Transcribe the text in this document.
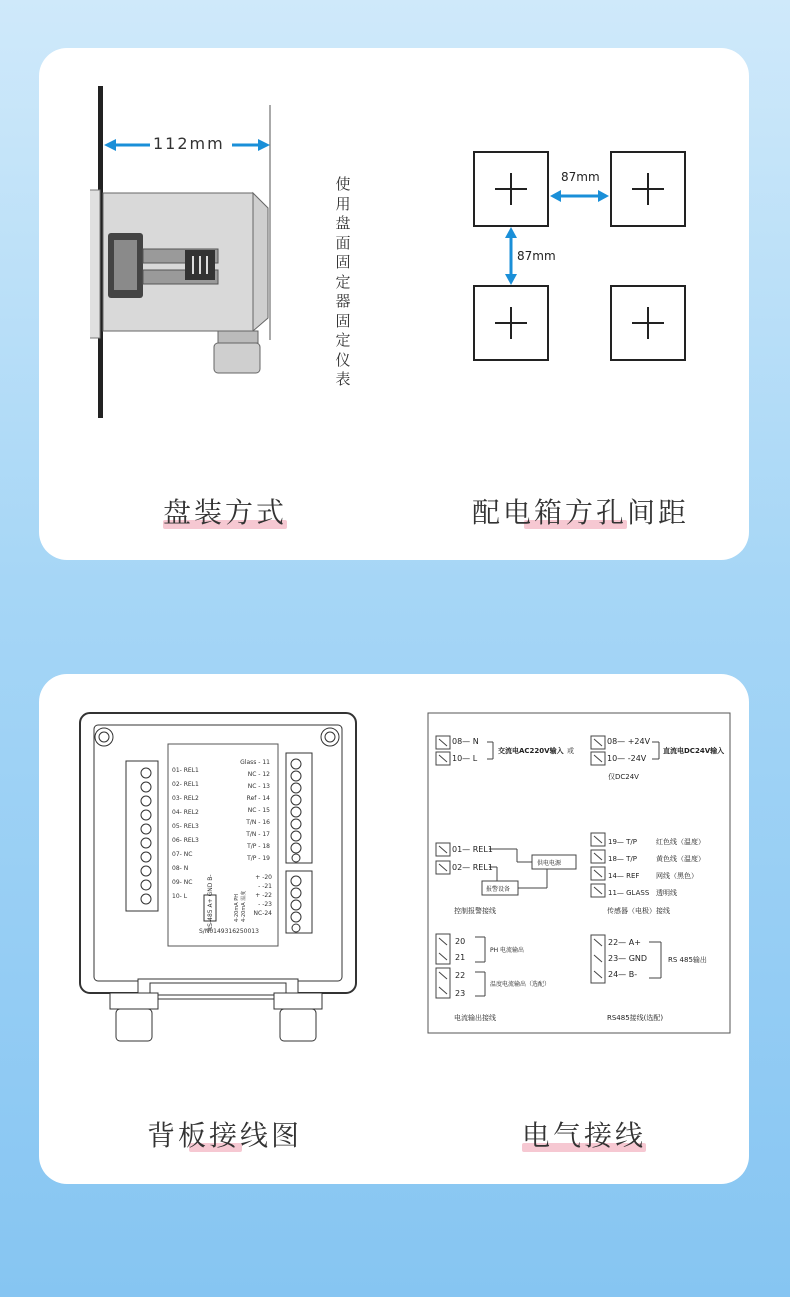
112mm
使用盘面固定器固定仪表
盘装方式
87mm
87mm
配电箱方孔间距
01- REL1
02- REL1
03- REL2
04- REL2
05- REL3
06- REL3
07- NC
08- N
09- NC
10- L
Glass - 11
NC - 12
NC - 13
Ref - 14
NC - 15
T/N - 16
T/N - 17
T/P - 18
T/P - 19
+ -20
- -21
+ -22
- -23
NC-24
RS-485 A+ GND B-
4-20mA PH 4-20mA 温度
S/N0149316250013
背板接线图
08— N
10— L
交流电AC220V输入 或
08— +24V
10— -24V
直流电DC24V输入
仅DC24V
01— REL1
02— REL1	供电电源
报警设备
控制报警接线
19— T/P	红色线（温度）
18— T/P	黄色线（温度）
14— REF 网线（黑色）
11— GLASS 透明线
传感器（电极）接线
20
21
PH 电流输出
22
23
温度电流输出（选配）
电流输出接线
22— A+
23— GND
24— B-
RS 485输出
RS485接线(选配)
电气接线
